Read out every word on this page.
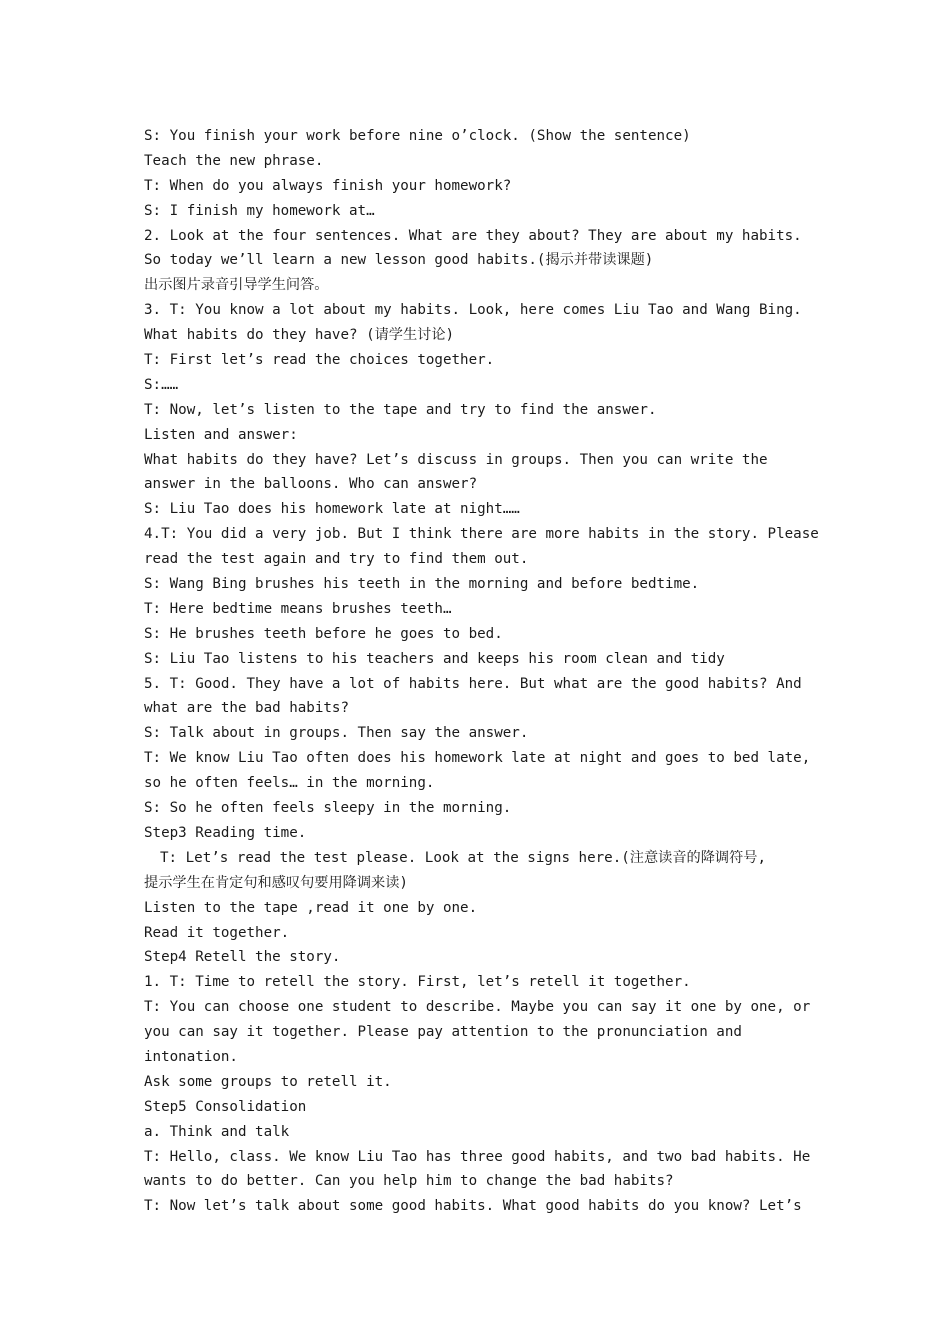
S: You finish your work before nine o’clock. (Show the sentence)
Teach the new phrase.
T: When do you always finish your homework?
S: I finish my homework at…
2. Look at the four sentences. What are they about? They are about my habits.
So today we’ll learn a new lesson good habits.(揭示并带读课题)
出示图片录音引导学生问答。
3. T: You know a lot about my habits. Look, here comes Liu Tao and Wang Bing.
What habits do they have? (请学生讨论)
T: First let’s read the choices together.
S:……
T: Now, let’s listen to the tape and try to find the answer.
Listen and answer:
What habits do they have? Let’s discuss in groups. Then you can write the
answer in the balloons. Who can answer?
S: Liu Tao does his homework late at night……
4.T: You did a very job. But I think there are more habits in the story. Please
read the test again and try to find them out.
S: Wang Bing brushes his teeth in the morning and before bedtime.
T: Here bedtime means brushes teeth…
S: He brushes teeth before he goes to bed.
S: Liu Tao listens to his teachers and keeps his room clean and tidy
5. T: Good. They have a lot of habits here. But what are the good habits? And
what are the bad habits?
S: Talk about in groups. Then say the answer.
T: We know Liu Tao often does his homework late at night and goes to bed late,
so he often feels… in the morning.
S: So he often feels sleepy in the morning.
Step3 Reading time.
T: Let’s read the test please. Look at the signs here.(注意读音的降调符号,
提示学生在肯定句和感叹句要用降调来读)
Listen to the tape ,read it one by one.
Read it together.
Step4 Retell the story.
1. T: Time to retell the story. First, let’s retell it together.
T: You can choose one student to describe. Maybe you can say it one by one, or
you can say it together. Please pay attention to the pronunciation and
intonation.
Ask some groups to retell it.
Step5 Consolidation
a. Think and talk
T: Hello, class. We know Liu Tao has three good habits, and two bad habits. He
wants to do better. Can you help him to change the bad habits?
T: Now let’s talk about some good habits. What good habits do you know? Let’s
